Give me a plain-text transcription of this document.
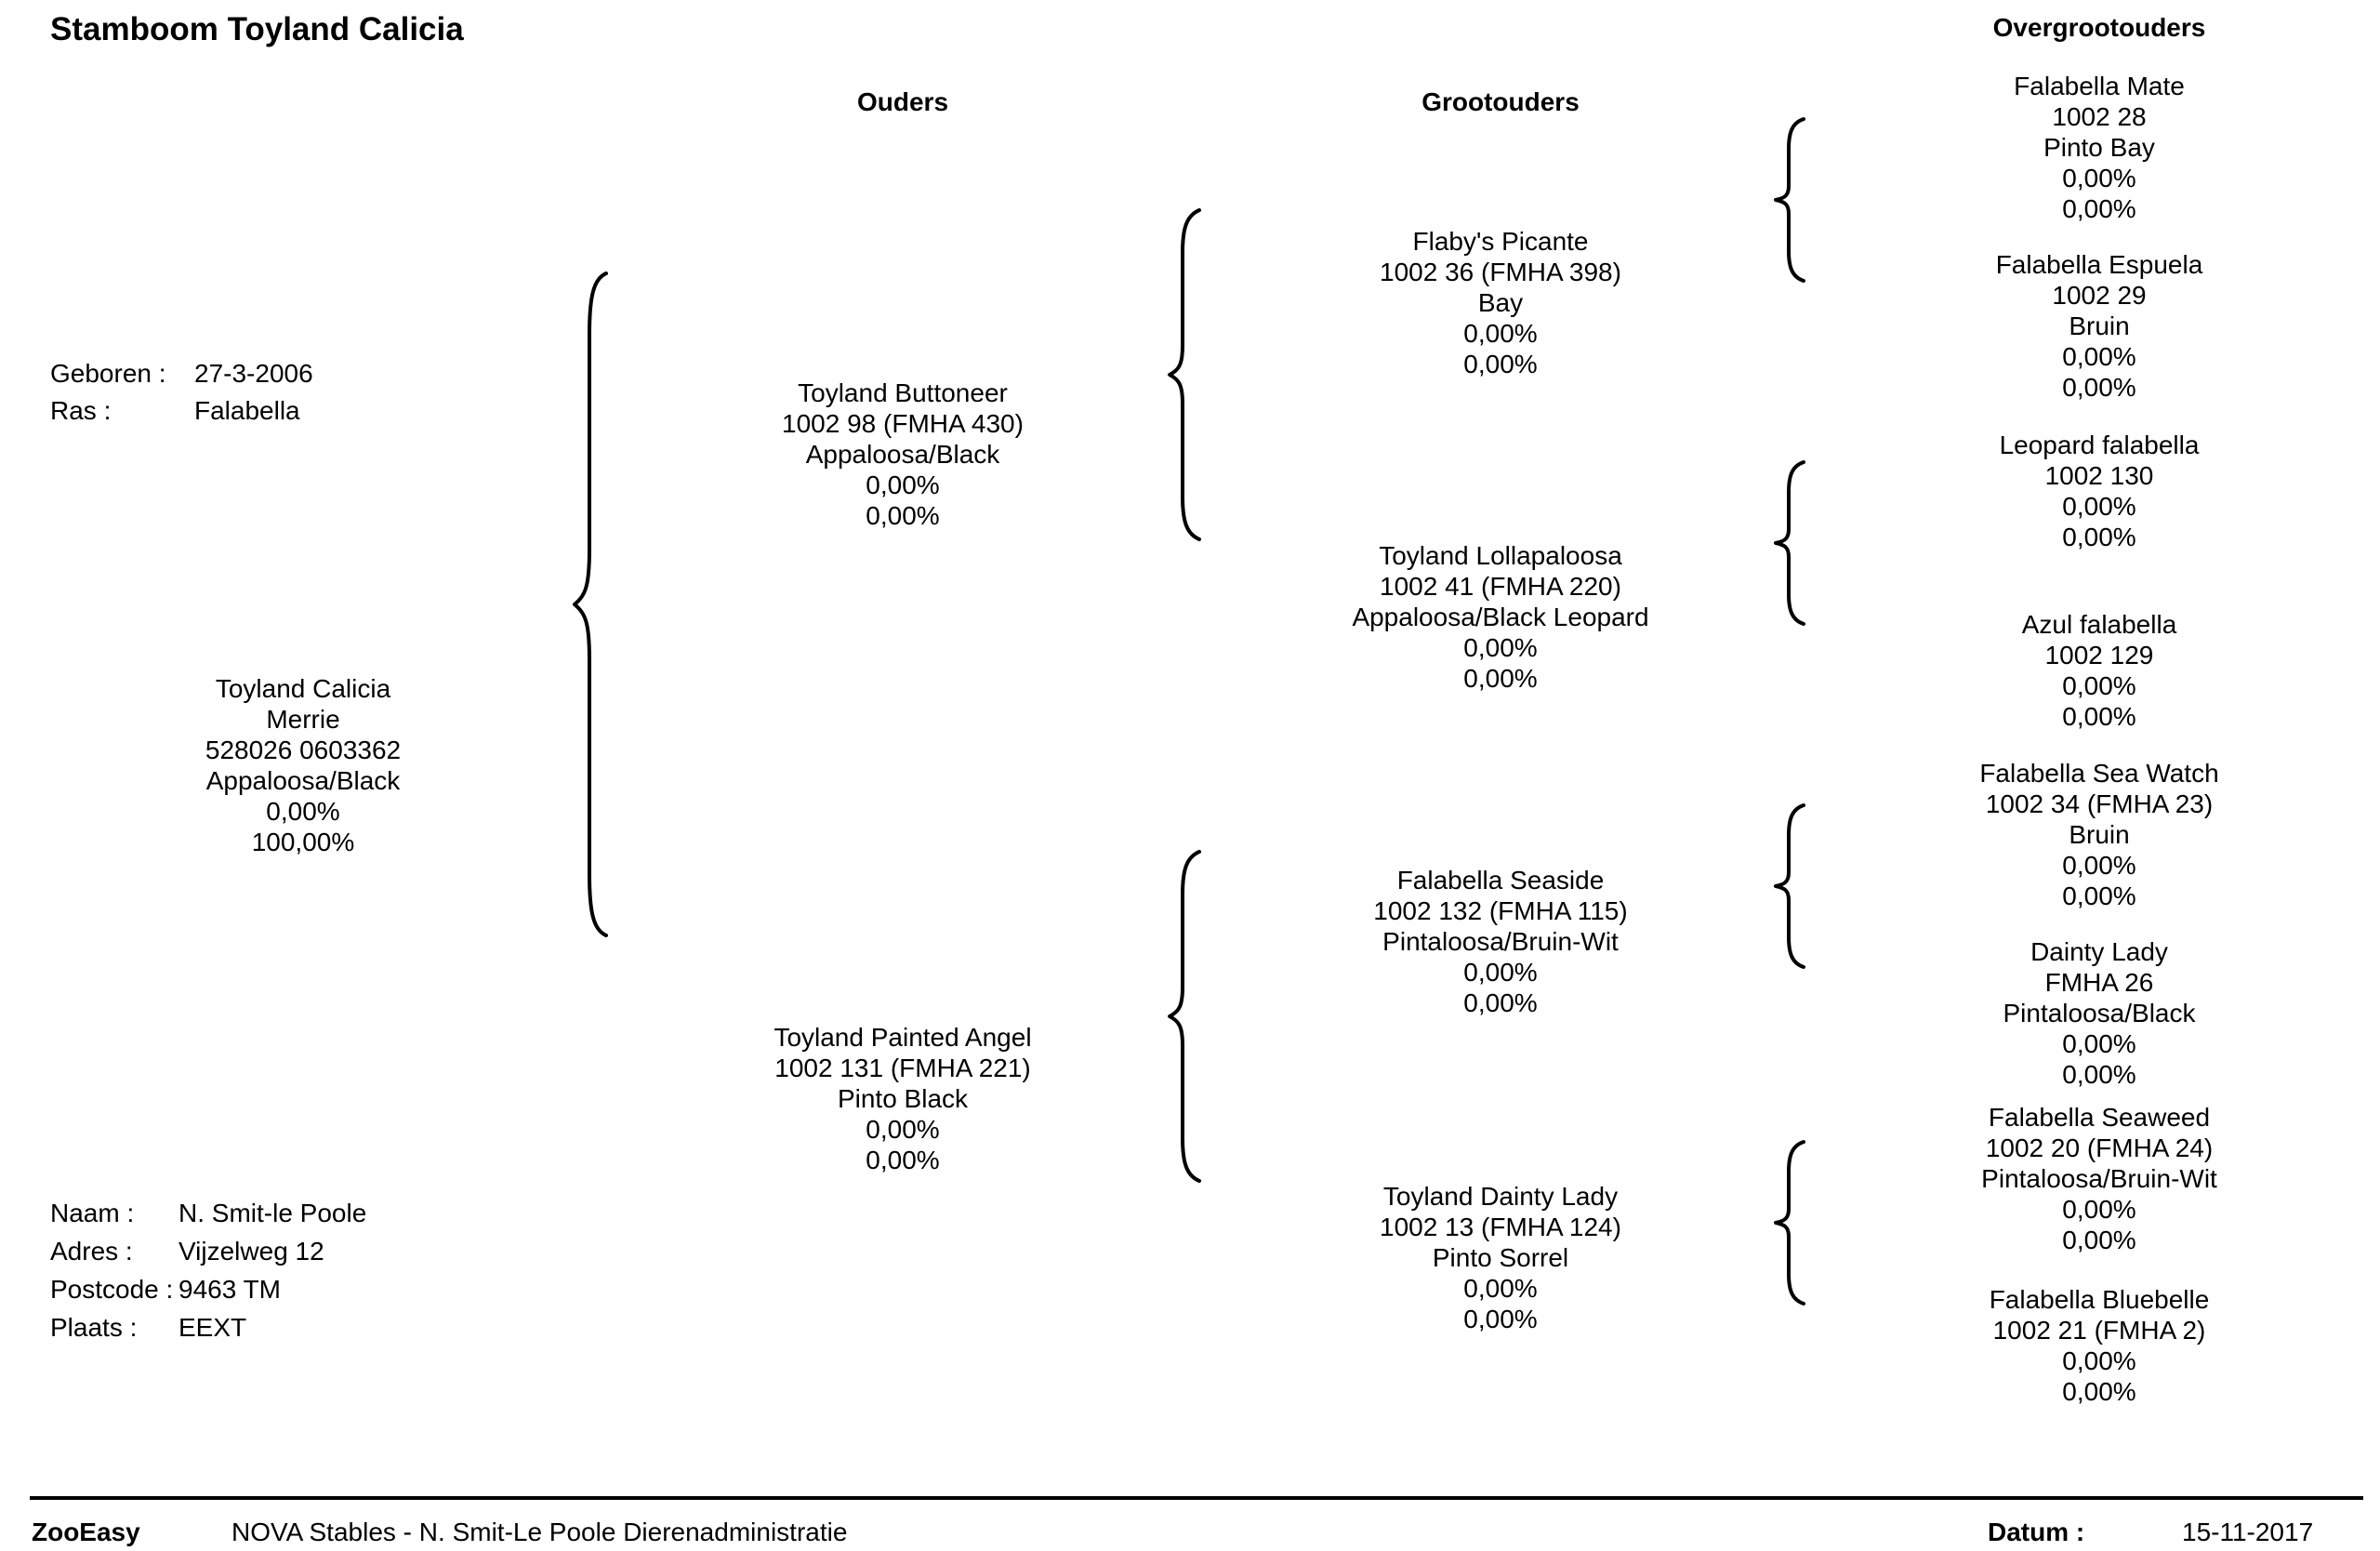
Stamboom Toyland Calicia
Ouders	Grootouders
Overgrootouders
Geboren :	27-3-2006
Ras :	Falabella
Toyland Calicia
Merrie
528026 0603362
Appaloosa/Black
0,00%
100,00%
Toyland Buttoneer
1002 98 (FMHA 430)
Appaloosa/Black
0,00%
0,00%
Toyland Painted Angel
1002 131 (FMHA 221)
Pinto Black
0,00%
0,00%
Flaby's Picante
1002 36 (FMHA 398)
Bay
0,00%
0,00%
Toyland Lollapaloosa
1002 41 (FMHA 220)
Appaloosa/Black Leopard
0,00%
0,00%
Falabella Seaside
1002 132 (FMHA 115)
Pintaloosa/Bruin-Wit
0,00%
0,00%
Toyland Dainty Lady
1002 13 (FMHA 124)
Pinto Sorrel
0,00%
0,00%
Falabella Mate
1002 28
Pinto Bay
0,00%
0,00%
Falabella Espuela
1002 29
Bruin
0,00%
0,00%
Leopard falabella
1002 130
0,00%
0,00%
Azul falabella
1002 129
0,00%
0,00%
Falabella Sea Watch
1002 34 (FMHA 23)
Bruin
0,00%
0,00%
Dainty Lady
FMHA 26
Pintaloosa/Black
0,00%
0,00%
Falabella Seaweed
1002 20 (FMHA 24)
Pintaloosa/Bruin-Wit
0,00%
0,00%
Falabella Bluebelle
1002 21 (FMHA 2)
0,00%
0,00%
Naam :	N. Smit-le Poole
Adres :	Vijzelweg 12
Postcode : 9463 TM
Plaats :	EEXT
ZooEasy	NOVA Stables - N. Smit-Le Poole Dierenadministratie	Datum :	15-11-2017
